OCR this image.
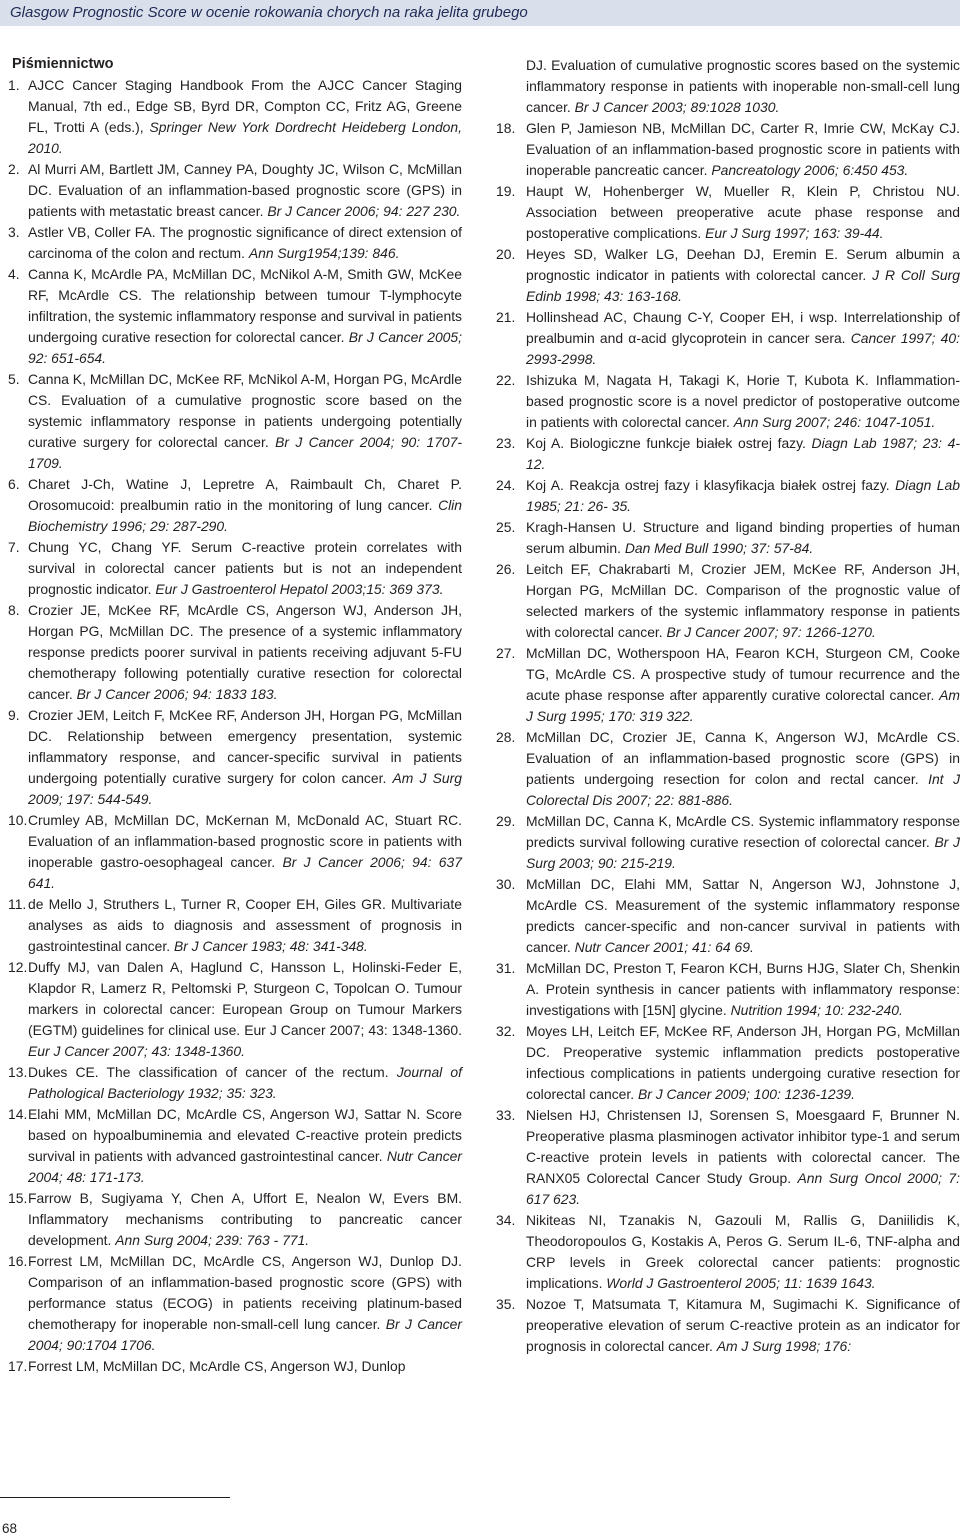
Glasgow Prognostic Score w ocenie rokowania chorych na raka jelita grubego
Piśmiennictwo
1. AJCC Cancer Staging Handbook From the AJCC Cancer Staging Manual, 7th ed., Edge SB, Byrd DR, Compton CC, Fritz AG, Greene FL, Trotti A (eds.), Springer New York Dordrecht Heideberg London, 2010.
2. Al Murri AM, Bartlett JM, Canney PA, Doughty JC, Wilson C, McMillan DC. Evaluation of an inflammation-based prognostic score (GPS) in patients with metastatic breast cancer. Br J Cancer 2006; 94: 227 230.
3. Astler VB, Coller FA. The prognostic significance of direct extension of carcinoma of the colon and rectum. Ann Surg1954;139: 846.
4. Canna K, McArdle PA, McMillan DC, McNikol A-M, Smith GW, McKee RF, McArdle CS. The relationship between tumour T-lymphocyte infiltration, the systemic inflammatory response and survival in patients undergoing curative resection for colorectal cancer. Br J Cancer 2005; 92: 651-654.
5. Canna K, McMillan DC, McKee RF, McNikol A-M, Horgan PG, McArdle CS. Evaluation of a cumulative prognostic score based on the systemic inflammatory response in patients undergoing potentially curative surgery for colorectal cancer. Br J Cancer 2004; 90: 1707-1709.
6. Charet J-Ch, Watine J, Lepretre A, Raimbault Ch, Charet P. Orosomucoid: prealbumin ratio in the monitoring of lung cancer. Clin Biochemistry 1996; 29: 287-290.
7. Chung YC, Chang YF. Serum C-reactive protein correlates with survival in colorectal cancer patients but is not an independent prognostic indicator. Eur J Gastroenterol Hepatol 2003;15: 369 373.
8. Crozier JE, McKee RF, McArdle CS, Angerson WJ, Anderson JH, Horgan PG, McMillan DC. The presence of a systemic inflammatory response predicts poorer survival in patients receiving adjuvant 5-FU chemotherapy following potentially curative resection for colorectal cancer. Br J Cancer 2006; 94: 1833 183.
9. Crozier JEM, Leitch F, McKee RF, Anderson JH, Horgan PG, McMillan DC. Relationship between emergency presentation, systemic inflammatory response, and cancer-specific survival in patients undergoing potentially curative surgery for colon cancer. Am J Surg 2009; 197: 544-549.
10. Crumley AB, McMillan DC, McKernan M, McDonald AC, Stuart RC. Evaluation of an inflammation-based prognostic score in patients with inoperable gastro-oesophageal cancer. Br J Cancer 2006; 94: 637 641.
11. de Mello J, Struthers L, Turner R, Cooper EH, Giles GR. Multivariate analyses as aids to diagnosis and assessment of prognosis in gastrointestinal cancer. Br J Cancer 1983; 48: 341-348.
12. Duffy MJ, van Dalen A, Haglund C, Hansson L, Holinski-Feder E, Klapdor R, Lamerz R, Peltomski P, Sturgeon C, Topolcan O. Tumour markers in colorectal cancer: European Group on Tumour Markers (EGTM) guidelines for clinical use. Eur J Cancer 2007; 43: 1348-1360. Eur J Cancer 2007; 43: 1348-1360.
13. Dukes CE. The classification of cancer of the rectum. Journal of Pathological Bacteriology 1932; 35: 323.
14. Elahi MM, McMillan DC, McArdle CS, Angerson WJ, Sattar N. Score based on hypoalbuminemia and elevated C-reactive protein predicts survival in patients with advanced gastrointestinal cancer. Nutr Cancer 2004; 48: 171-173.
15. Farrow B, Sugiyama Y, Chen A, Uffort E, Nealon W, Evers BM. Inflammatory mechanisms contributing to pancreatic cancer development. Ann Surg 2004; 239: 763 - 771.
16. Forrest LM, McMillan DC, McArdle CS, Angerson WJ, Dunlop DJ. Comparison of an inflammation-based prognostic score (GPS) with performance status (ECOG) in patients receiving platinum-based chemotherapy for inoperable non-small-cell lung cancer. Br J Cancer 2004; 90:1704 1706.
17. Forrest LM, McMillan DC, McArdle CS, Angerson WJ, Dunlop
DJ. Evaluation of cumulative prognostic scores based on the systemic inflammatory response in patients with inoperable non-small-cell lung cancer. Br J Cancer 2003; 89:1028 1030.
18. Glen P, Jamieson NB, McMillan DC, Carter R, Imrie CW, McKay CJ. Evaluation of an inflammation-based prognostic score in patients with inoperable pancreatic cancer. Pancreatology 2006; 6:450 453.
19. Haupt W, Hohenberger W, Mueller R, Klein P, Christou NU. Association between preoperative acute phase response and postoperative complications. Eur J Surg 1997; 163: 39-44.
20. Heyes SD, Walker LG, Deehan DJ, Eremin E. Serum albumin a prognostic indicator in patients with colorectal cancer. J R Coll Surg Edinb 1998; 43: 163-168.
21. Hollinshead AC, Chaung C-Y, Cooper EH, i wsp. Interrelationship of prealbumin and α-acid glycoprotein in cancer sera. Cancer 1997; 40: 2993-2998.
22. Ishizuka M, Nagata H, Takagi K, Horie T, Kubota K. Inflammation-based prognostic score is a novel predictor of postoperative outcome in patients with colorectal cancer. Ann Surg 2007; 246: 1047-1051.
23. Koj A. Biologiczne funkcje białek ostrej fazy. Diagn Lab 1987; 23: 4- 12.
24. Koj A. Reakcja ostrej fazy i klasyfikacja białek ostrej fazy. Diagn Lab 1985; 21: 26- 35.
25. Kragh-Hansen U. Structure and ligand binding properties of human serum albumin. Dan Med Bull 1990; 37: 57-84.
26. Leitch EF, Chakrabarti M, Crozier JEM, McKee RF, Anderson JH, Horgan PG, McMillan DC. Comparison of the prognostic value of selected markers of the systemic inflammatory response in patients with colorectal cancer. Br J Cancer 2007; 97: 1266-1270.
27. McMillan DC, Wotherspoon HA, Fearon KCH, Sturgeon CM, Cooke TG, McArdle CS. A prospective study of tumour recurrence and the acute phase response after apparently curative colorectal cancer. Am J Surg 1995; 170: 319 322.
28. McMillan DC, Crozier JE, Canna K, Angerson WJ, McArdle CS. Evaluation of an inflammation-based prognostic score (GPS) in patients undergoing resection for colon and rectal cancer. Int J Colorectal Dis 2007; 22: 881-886.
29. McMillan DC, Canna K, McArdle CS. Systemic inflammatory response predicts survival following curative resection of colorectal cancer. Br J Surg 2003; 90: 215-219.
30. McMillan DC, Elahi MM, Sattar N, Angerson WJ, Johnstone J, McArdle CS. Measurement of the systemic inflammatory response predicts cancer-specific and non-cancer survival in patients with cancer. Nutr Cancer 2001; 41: 64 69.
31. McMillan DC, Preston T, Fearon KCH, Burns HJG, Slater Ch, Shenkin A. Protein synthesis in cancer patients with inflammatory response: investigations with [15N] glycine. Nutrition 1994; 10: 232-240.
32. Moyes LH, Leitch EF, McKee RF, Anderson JH, Horgan PG, McMillan DC. Preoperative systemic inflammation predicts postoperative infectious complications in patients undergoing curative resection for colorectal cancer. Br J Cancer 2009; 100: 1236-1239.
33. Nielsen HJ, Christensen IJ, Sorensen S, Moesgaard F, Brunner N. Preoperative plasma plasminogen activator inhibitor type-1 and serum C-reactive protein levels in patients with colorectal cancer. The RANX05 Colorectal Cancer Study Group. Ann Surg Oncol 2000; 7: 617 623.
34. Nikiteas NI, Tzanakis N, Gazouli M, Rallis G, Daniilidis K, Theodoropoulos G, Kostakis A, Peros G. Serum IL-6, TNF-alpha and CRP levels in Greek colorectal cancer patients: prognostic implications. World J Gastroenterol 2005; 11: 1639 1643.
35. Nozoe T, Matsumata T, Kitamura M, Sugimachi K. Significance of preoperative elevation of serum C-reactive protein as an indicator for prognosis in colorectal cancer. Am J Surg 1998; 176:
68
